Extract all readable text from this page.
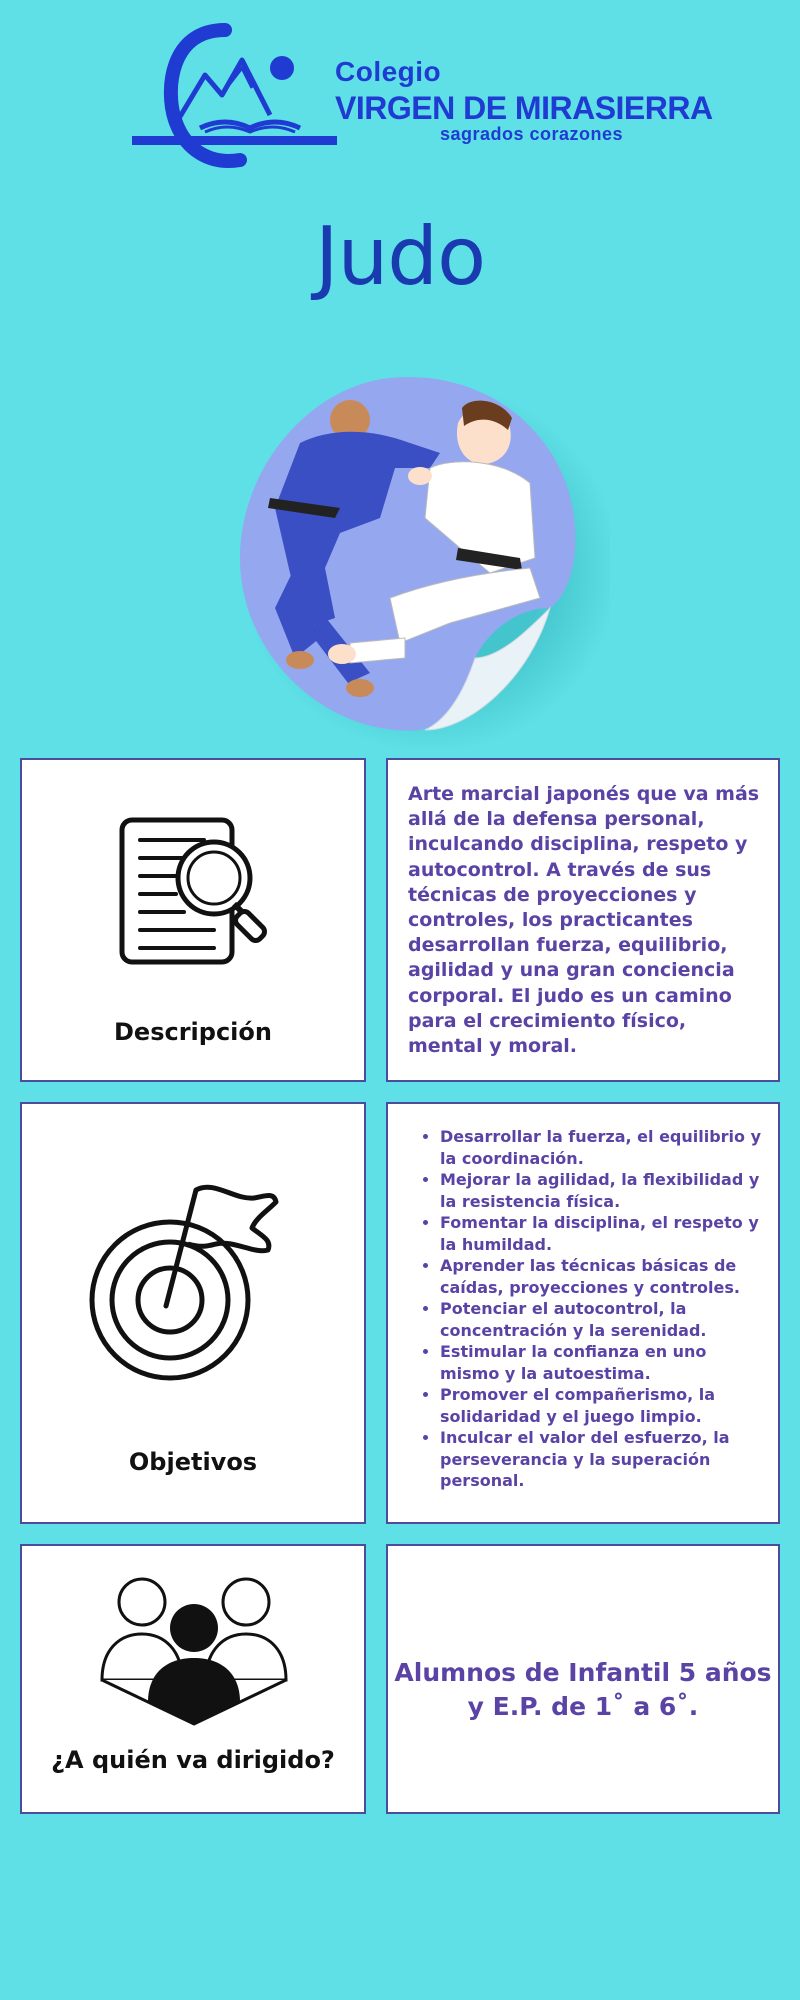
Colegio
VIRGEN DE MIRASIERRA
sagrados corazones
Judo
Descripción
Arte marcial japonés que va más allá de la defensa personal, inculcando disciplina, respeto y autocontrol. A través de sus técnicas de proyecciones y controles, los practicantes desarrollan fuerza, equilibrio, agilidad y una gran conciencia corporal. El judo es un camino para el crecimiento físico, mental y moral.
Objetivos
• Desarrollar la fuerza, el equilibrio y la coordinación.
• Mejorar la agilidad, la flexibilidad y la resistencia física.
• Fomentar la disciplina, el respeto y la humildad.
• Aprender las técnicas básicas de caídas, proyecciones y controles.
• Potenciar el autocontrol, la concentración y la serenidad.
• Estimular la confianza en uno mismo y la autoestima.
• Promover el compañerismo, la solidaridad y el juego limpio.
• Inculcar el valor del esfuerzo, la perseverancia y la superación personal.
¿A quién va dirigido?
Alumnos de Infantil 5 años y E.P. de 1˚ a 6˚.
